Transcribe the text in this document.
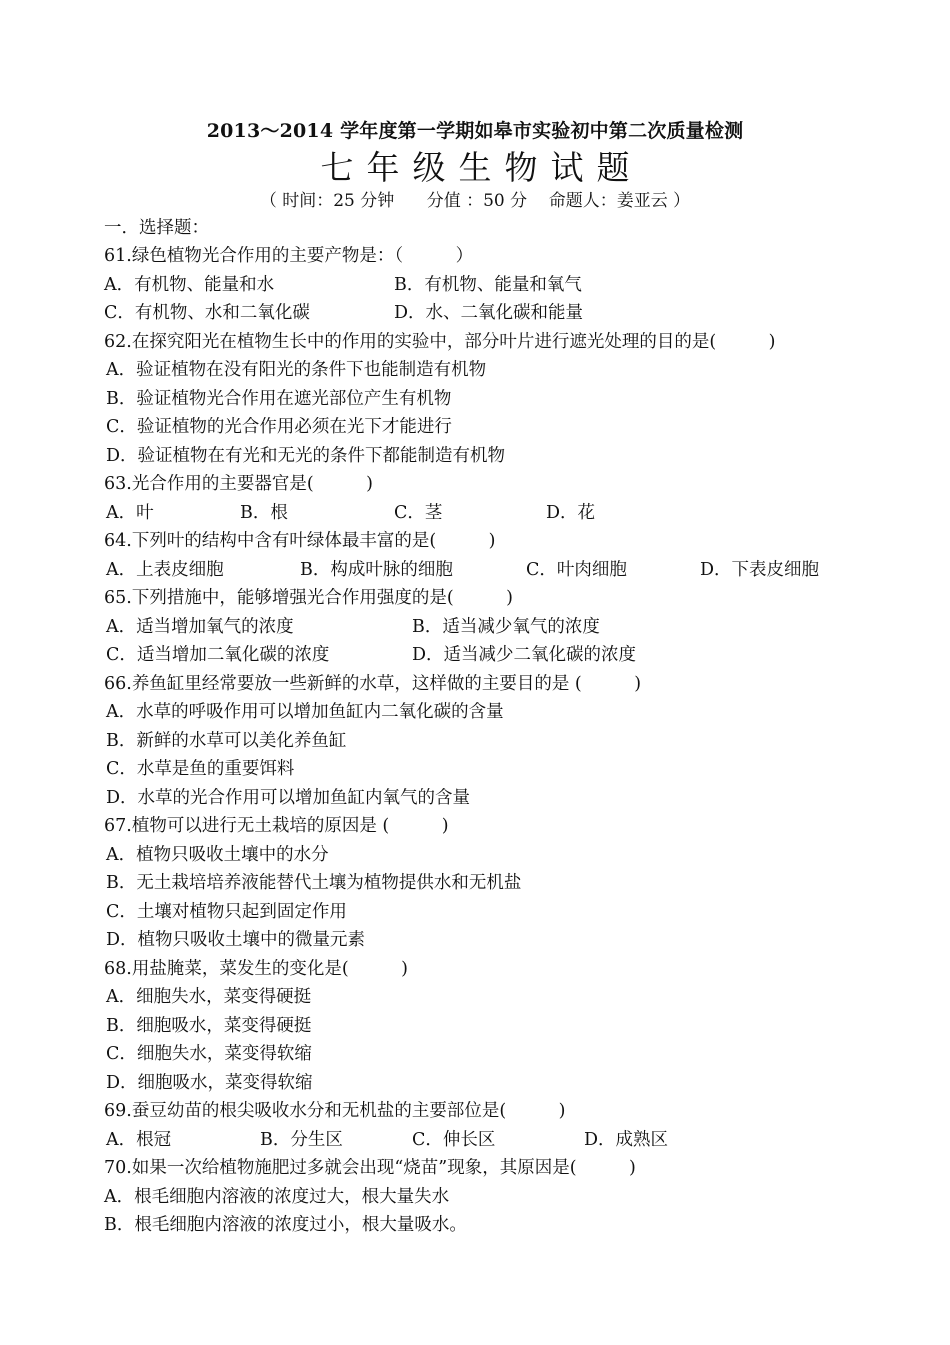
2013～2014 学年度第一学期如皋市实验初中第二次质量检测
七年级生物试题
（ 时间：25 分钟 分值 ：50 分 命题人：姜亚云 ）
一．选择题：
61.绿色植物光合作用的主要产物是：（　　　）
A．有机物、能量和水	B．有机物、能量和氧气
C．有机物、水和二氧化碳	D．水、二氧化碳和能量
62.在探究阳光在植物生长中的作用的实验中，部分叶片进行遮光处理的目的是(　　　)
A．验证植物在没有阳光的条件下也能制造有机物
B．验证植物光合作用在遮光部位产生有机物
C．验证植物的光合作用必须在光下才能进行
D．验证植物在有光和无光的条件下都能制造有机物
63.光合作用的主要器官是(　　　)
A．叶	B．根	C．茎	D．花
64.下列叶的结构中含有叶绿体最丰富的是(　　　)
A．上表皮细胞	B．构成叶脉的细胞	C．叶肉细胞	D．下表皮细胞
65.下列措施中，能够增强光合作用强度的是(　　　)
A．适当增加氧气的浓度	B．适当减少氧气的浓度
C．适当增加二氧化碳的浓度	D．适当减少二氧化碳的浓度
66.养鱼缸里经常要放一些新鲜的水草，这样做的主要目的是 (　　　)
A．水草的呼吸作用可以增加鱼缸内二氧化碳的含量
B．新鲜的水草可以美化养鱼缸
C．水草是鱼的重要饵料
D．水草的光合作用可以增加鱼缸内氧气的含量
67.植物可以进行无土栽培的原因是 (　　　)
A．植物只吸收土壤中的水分
B．无土栽培培养液能替代土壤为植物提供水和无机盐
C．土壤对植物只起到固定作用
D．植物只吸收土壤中的微量元素
68.用盐腌菜，菜发生的变化是(　　　)
A．细胞失水，菜变得硬挺
B．细胞吸水，菜变得硬挺
C．细胞失水，菜变得软缩
D．细胞吸水，菜变得软缩
69.蚕豆幼苗的根尖吸收水分和无机盐的主要部位是(　　　)
A．根冠	B．分生区	C．伸长区	D．成熟区
70.如果一次给植物施肥过多就会出现“烧苗”现象，其原因是(　　　)
A．根毛细胞内溶液的浓度过大，根大量失水
B．根毛细胞内溶液的浓度过小，根大量吸水。
